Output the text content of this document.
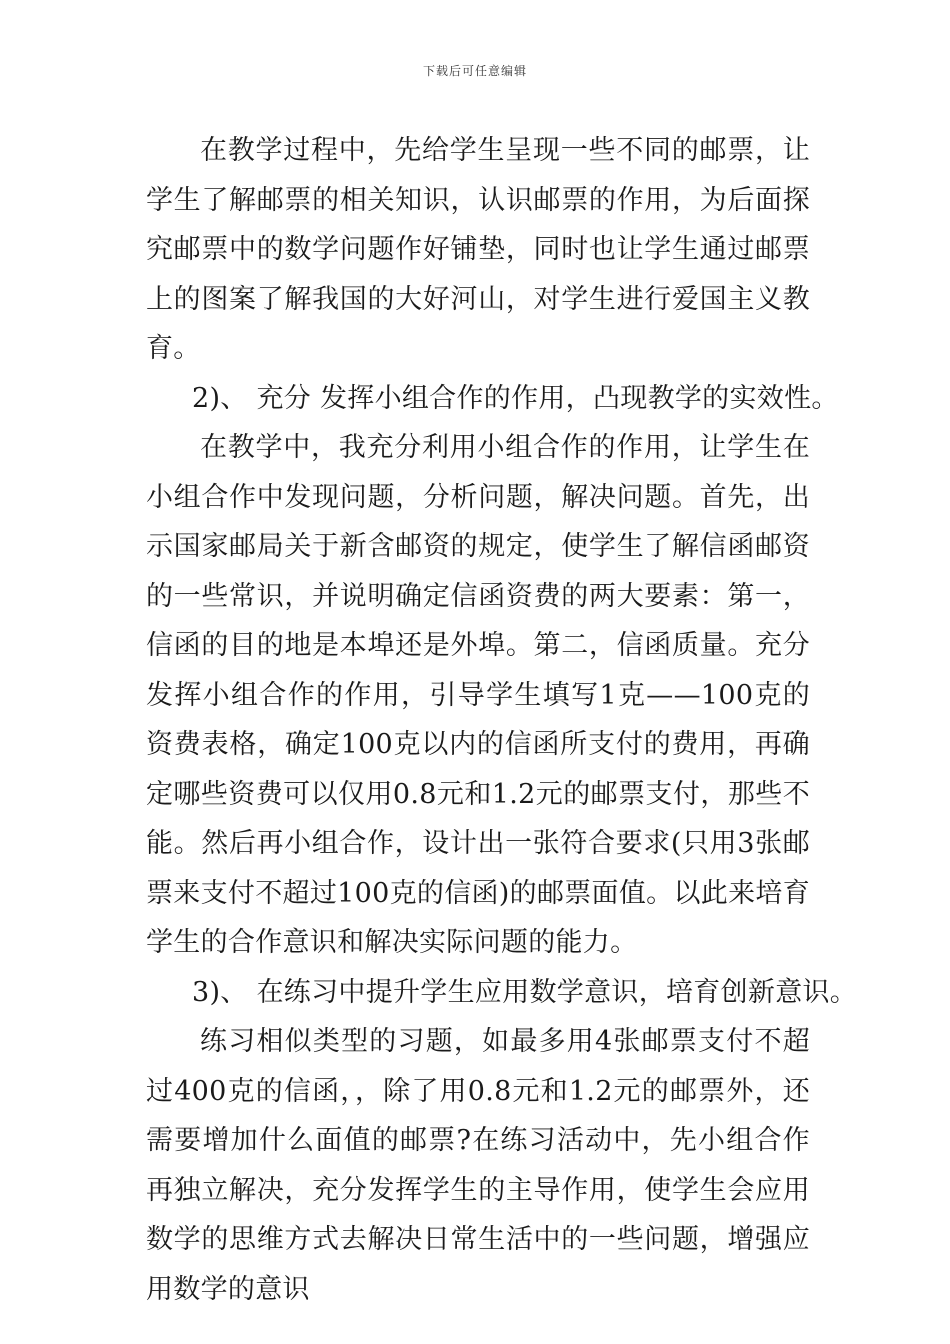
下载后可任意编辑

在教学过程中，先给学生呈现一些不同的邮票，让学生了解邮票的相关知识，认识邮票的作用，为后面探究邮票中的数学问题作好铺垫，同时也让学生通过邮票上的图案了解我国的大好河山，对学生进行爱国主义教育。

2)、 充分 发挥小组合作的作用，凸现教学的实效性。

在教学中，我充分利用小组合作的作用，让学生在小组合作中发现问题，分析问题，解决问题。首先，出示国家邮局关于新含邮资的规定，使学生了解信函邮资的一些常识，并说明确定信函资费的两大要素：第一，信函的目的地是本埠还是外埠。第二，信函质量。充分发挥小组合作的作用，引导学生填写1克——100克的资费表格，确定100克以内的信函所支付的费用，再确定哪些资费可以仅用0.8元和1.2元的邮票支付，那些不能。然后再小组合作，设计出一张符合要求(只用3张邮票来支付不超过100克的信函)的邮票面值。以此来培育学生的合作意识和解决实际问题的能力。

3)、 在练习中提升学生应用数学意识，培育创新意识。

练习相似类型的习题，如最多用4张邮票支付不超过400克的信函，，除了用0.8元和1.2元的邮票外，还需要增加什么面值的邮票?在练习活动中，先小组合作再独立解决，充分发挥学生的主导作用，使学生会应用数学的思维方式去解决日常生活中的一些问题，增强应用数学的意识
